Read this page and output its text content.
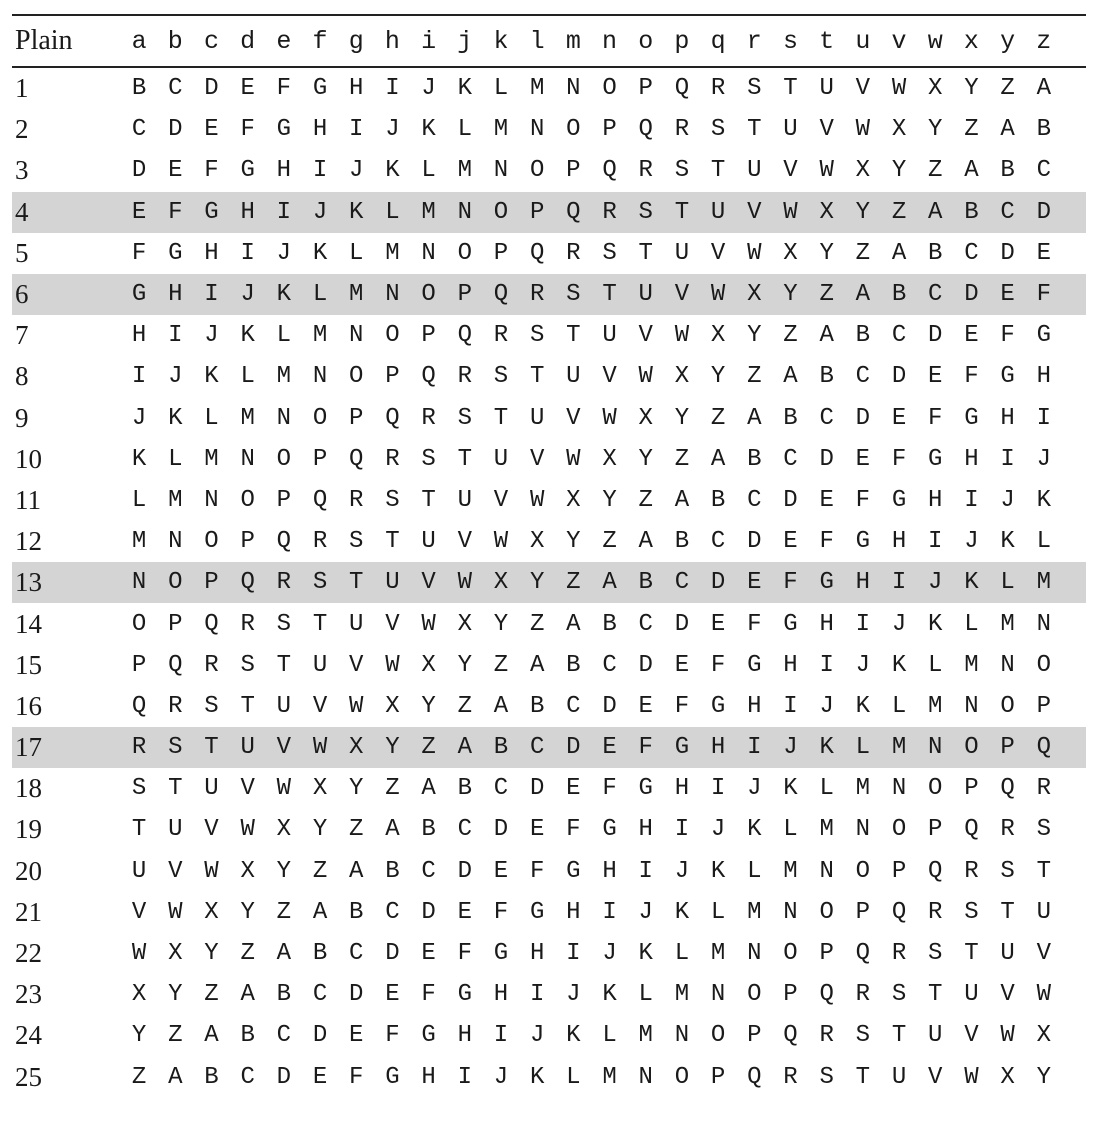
Plain	a b c d e f g h i j k l m n o p q r s t u v w x y z
1	B C D E F G H I J K L M N O P Q R S T U V W X Y Z A
2	C D E F G H I J K L M N O P Q R S T U V W X Y Z A B
3	D E F G H I J K L M N O P Q R S T U V W X Y Z A B C
4	E F G H I J K L M N O P Q R S T U V W X Y Z A B C D
5	F G H I J K L M N O P Q R S T U V W X Y Z A B C D E
6	G H I J K L M N O P Q R S T U V W X Y Z A B C D E F
7	H I J K L M N O P Q R S T U V W X Y Z A B C D E F G
8	I J K L M N O P Q R S T U V W X Y Z A B C D E F G H
9	J K L M N O P Q R S T U V W X Y Z A B C D E F G H I
10	K L M N O P Q R S T U V W X Y Z A B C D E F G H I J
11	L M N O P Q R S T U V W X Y Z A B C D E F G H I J K
12	M N O P Q R S T U V W X Y Z A B C D E F G H I J K L
13	N O P Q R S T U V W X Y Z A B C D E F G H I J K L M
14	O P Q R S T U V W X Y Z A B C D E F G H I J K L M N
15	P Q R S T U V W X Y Z A B C D E F G H I J K L M N O
16	Q R S T U V W X Y Z A B C D E F G H I J K L M N O P
17	R S T U V W X Y Z A B C D E F G H I J K L M N O P Q
18	S T U V W X Y Z A B C D E F G H I J K L M N O P Q R
19	T U V W X Y Z A B C D E F G H I J K L M N O P Q R S
20	U V W X Y Z A B C D E F G H I J K L M N O P Q R S T
21	V W X Y Z A B C D E F G H I J K L M N O P Q R S T U
22	W X Y Z A B C D E F G H I J K L M N O P Q R S T U V
23	X Y Z A B C D E F G H I J K L M N O P Q R S T U V W
24	Y Z A B C D E F G H I J K L M N O P Q R S T U V W X
25	Z A B C D E F G H I J K L M N O P Q R S T U V W X Y
